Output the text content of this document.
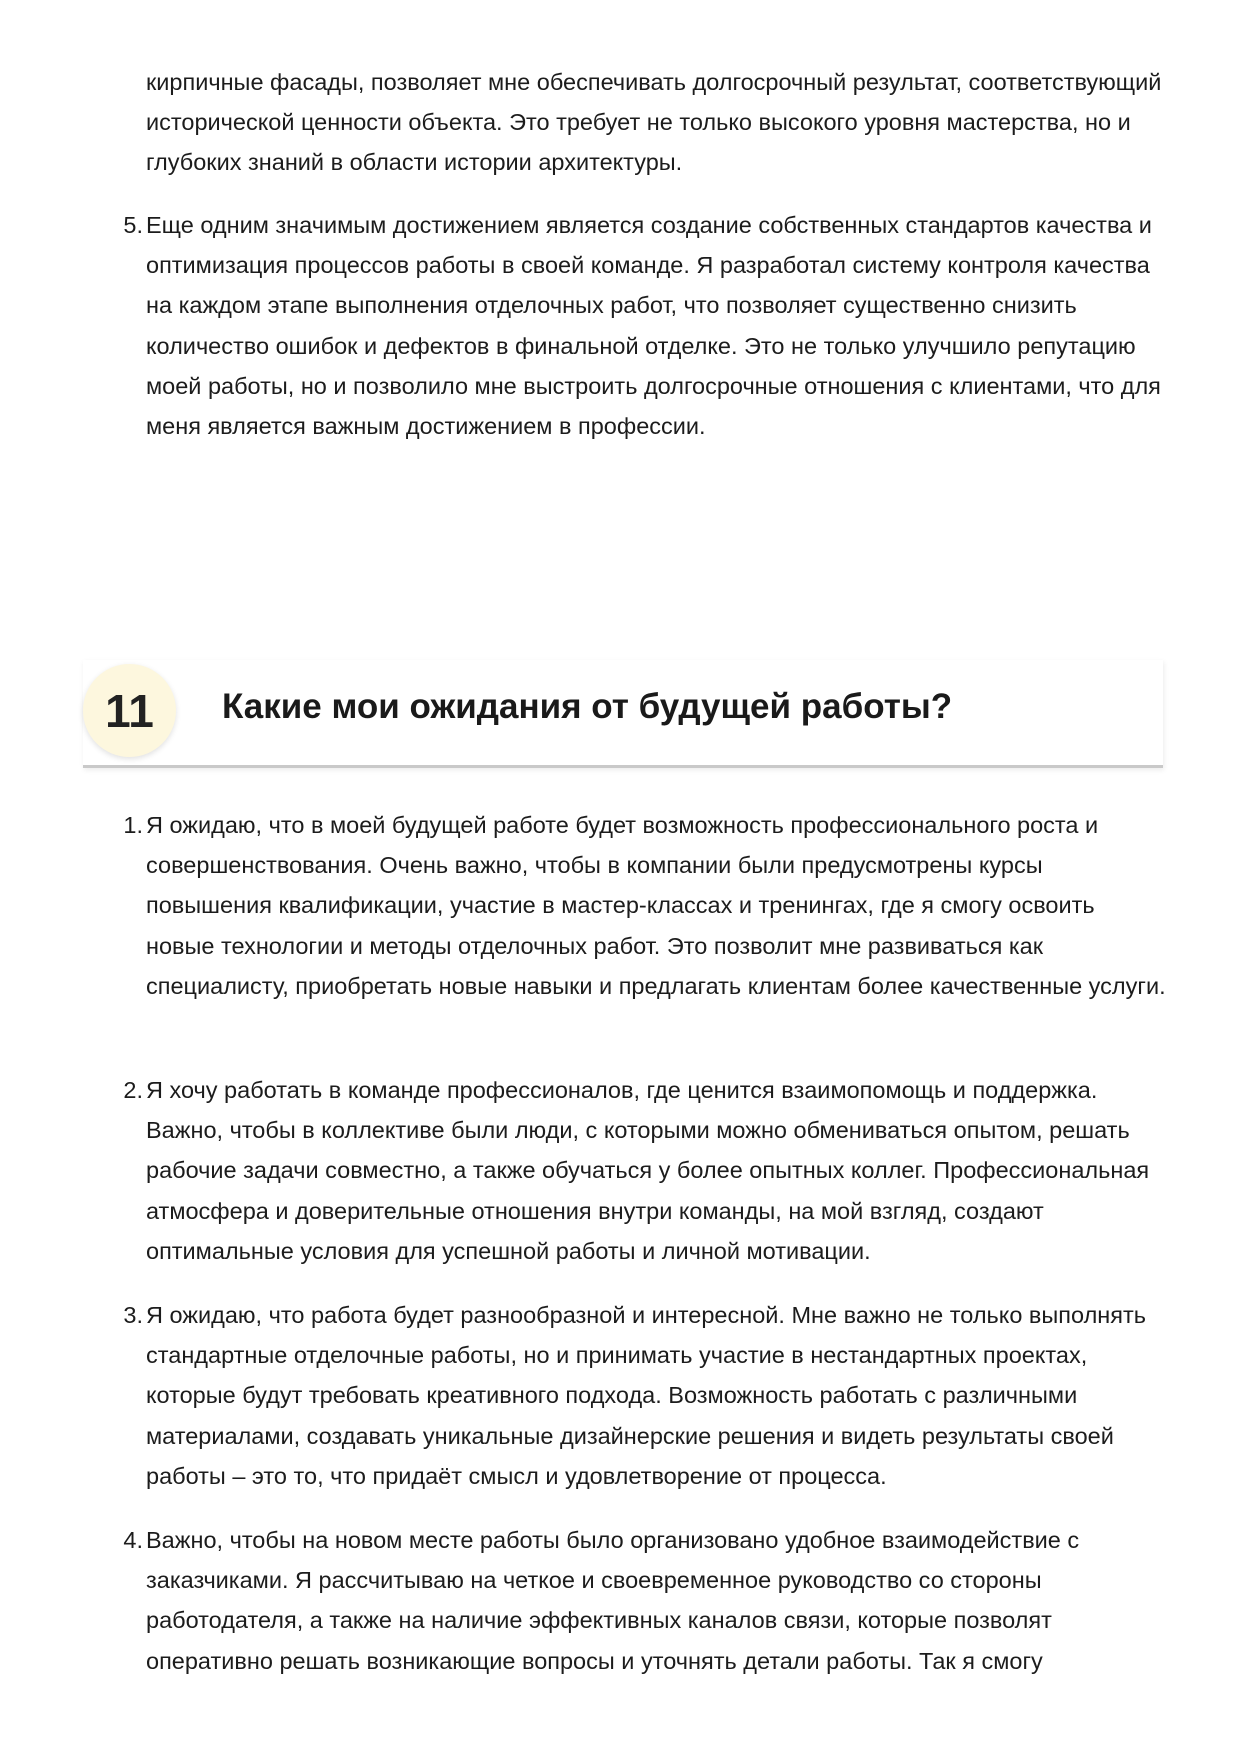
кирпичные фасады, позволяет мне обеспечивать долгосрочный результат, соответствующий исторической ценности объекта. Это требует не только высокого уровня мастерства, но и глубоких знаний в области истории архитектуры.

5. Еще одним значимым достижением является создание собственных стандартов качества и оптимизация процессов работы в своей команде. Я разработал систему контроля качества на каждом этапе выполнения отделочных работ, что позволяет существенно снизить количество ошибок и дефектов в финальной отделке. Это не только улучшило репутацию моей работы, но и позволило мне выстроить долгосрочные отношения с клиентами, что для меня является важным достижением в профессии.
11	Какие мои ожидания от будущей работы?
1. Я ожидаю, что в моей будущей работе будет возможность профессионального роста и совершенствования. Очень важно, чтобы в компании были предусмотрены курсы повышения квалификации, участие в мастер-классах и тренингах, где я смогу освоить новые технологии и методы отделочных работ. Это позволит мне развиваться как специалисту, приобретать новые навыки и предлагать клиентам более качественные услуги.
2. Я хочу работать в команде профессионалов, где ценится взаимопомощь и поддержка. Важно, чтобы в коллективе были люди, с которыми можно обмениваться опытом, решать рабочие задачи совместно, а также обучаться у более опытных коллег. Профессиональная атмосфера и доверительные отношения внутри команды, на мой взгляд, создают оптимальные условия для успешной работы и личной мотивации.
3. Я ожидаю, что работа будет разнообразной и интересной. Мне важно не только выполнять стандартные отделочные работы, но и принимать участие в нестандартных проектах, которые будут требовать креативного подхода. Возможность работать с различными материалами, создавать уникальные дизайнерские решения и видеть результаты своей работы – это то, что придаёт смысл и удовлетворение от процесса.
4. Важно, чтобы на новом месте работы было организовано удобное взаимодействие с заказчиками. Я рассчитываю на четкое и своевременное руководство со стороны работодателя, а также на наличие эффективных каналов связи, которые позволят оперативно решать возникающие вопросы и уточнять детали работы. Так я смогу
